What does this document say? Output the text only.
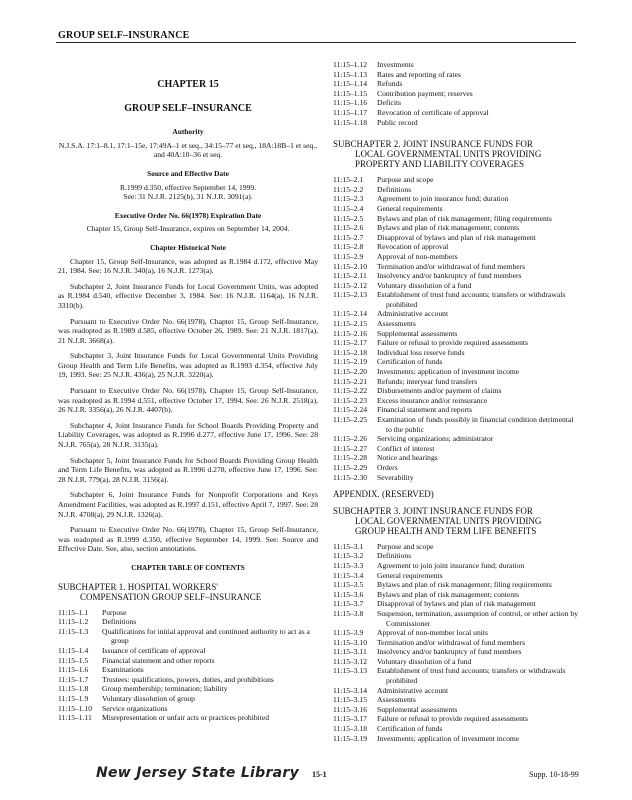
GROUP SELF–INSURANCE
CHAPTER 15
GROUP SELF–INSURANCE
Authority
N.J.S.A. 17:1–8.1, 17:1–15e, 17:49A–1 et seq., 34:15–77 et seq., 18A:18B–1 et seq., and 40A:10–36 et seq.
Source and Effective Date
R.1999 d.350, effective September 14, 1999.
See: 31 N.J.R. 2125(b), 31 N.J.R. 3091(a).
Executive Order No. 66(1978) Expiration Date
Chapter 15, Group Self-Insurance, expires on September 14, 2004.
Chapter Historical Note
Chapter 15, Group Self-Insurance, was adopted as R.1984 d.172, effective May 21, 1984. See: 16 N.J.R. 340(a), 16 N.J.R. 1273(a).
Subchapter 2, Joint Insurance Funds for Local Government Units, was adopted as R.1984 d.540, effective December 3, 1984. See: 16 N.J.R. 1164(a), 16 N.J.R. 3310(b).
Pursuant to Executive Order No. 66(1978), Chapter 15, Group Self-Insurance, was readopted as R.1989 d.585, effective October 26, 1989. See: 21 N.J.R. 1817(a), 21 N.J.R. 3668(a).
Subchapter 3, Joint Insurance Funds for Local Governmental Units Providing Group Health and Term Life Benefits, was adopted as R.1993 d.354, effective July 19, 1993. See: 25 N.J.R. 436(a), 25 N.J.R. 3220(a).
Pursuant to Executive Order No. 66(1978), Chapter 15, Group Self-Insurance, was readopted as R.1994 d.551, effective October 17, 1994. See: 26 N.J.R. 2518(a), 26 N.J.R. 3356(a), 26 N.J.R. 4407(b).
Subchapter 4, Joint Insurance Funds for School Boards Providing Property and Liability Coverages, was adopted as R.1996 d.277, effective June 17, 1996. See: 28 N.J.R. 765(a), 28 N.J.R. 3135(a).
Subchapter 5, Joint Insurance Funds for School Boards Providing Group Health and Term Life Benefits, was adopted as R.1996 d.278, effective June 17, 1996. See: 28 N.J.R. 779(a), 28 N.J.R. 3156(a).
Subchapter 6, Joint Insurance Funds for Nonprofit Corporations and Keys Amendment Facilities, was adopted as R.1997 d.151, effective April 7, 1997. See: 28 N.J.R. 4708(a), 29 N.J.R. 1326(a).
Pursuant to Executive Order No. 66(1978), Chapter 15, Group Self-Insurance, was readopted as R.1999 d.350, effective September 14, 1999. See: Source and Effective Date. See, also, section annotations.
CHAPTER TABLE OF CONTENTS
SUBCHAPTER 1. HOSPITAL WORKERS'
COMPENSATION GROUP SELF–INSURANCE
11:15–1.1	Purpose
11:15–1.2	Definitions
11:15–1.3	Qualifications for initial approval and continued authority to act as a group
11:15–1.4	Issuance of certificate of approval
11:15–1.5	Financial statement and other reports
11:15–1.6	Examinations
11:15–1.7	Trustees: qualifications, powers, duties, and prohibitions
11:15–1.8	Group membership; termination; liability
11:15–1.9	Voluntary dissolution of group
11:15–1.10	Service organizations
11:15–1.11	Misrepresentation or unfair acts or practices prohibited
11:15–1.12	Investments
11:15–1.13	Rates and reporting of rates
11:15–1.14	Refunds
11:15–1.15	Contribution payment; reserves
11:15–1.16	Deficits
11:15–1.17	Revocation of certificate of approval
11:15–1.18	Public record
SUBCHAPTER 2. JOINT INSURANCE FUNDS FOR
LOCAL GOVERNMENTAL UNITS PROVIDING
PROPERTY AND LIABILITY COVERAGES
11:15–2.1	Purpose and scope
11:15–2.2	Definitions
11:15–2.3	Agreement to join insurance fund; duration
11:15–2.4	General requirements
11:15–2.5	Bylaws and plan of risk management; filing requirements
11:15–2.6	Bylaws and plan of risk management; contents
11:15–2.7	Disapproval of bylaws and plan of risk management
11:15–2.8	Revocation of approval
11:15–2.9	Approval of non-members
11:15–2.10	Termination and/or withdrawal of fund members
11:15–2.11	Insolvency and/or bankruptcy of fund members
11:15–2.12	Voluntary dissolution of a fund
11:15–2.13	Establishment of trust fund accounts; transfers or withdrawals prohibited
11:15–2.14	Administrative account
11:15–2.15	Assessments
11:15–2.16	Supplemental assessments
11:15–2.17	Failure or refusal to provide required assessments
11:15–2.18	Individual loss reserve funds
11:15–2.19	Certification of funds
11:15–2.20	Investments; application of investment income
11:15–2.21	Refunds; interyear fund transfers
11:15–2.22	Disbursements and/or payment of claims
11:15–2.23	Excess insurance and/or reinsurance
11:15–2.24	Financial statement and reports
11:15–2.25	Examination of funds possibly in financial condition detrimental to the public
11:15–2.26	Servicing organizations; administrator
11:15–2.27	Conflict of interest
11:15–2.28	Notice and hearings
11:15–2.29	Orders
11:15–2.30	Severability
APPENDIX. (RESERVED)
SUBCHAPTER 3. JOINT INSURANCE FUNDS FOR
LOCAL GOVERNMENTAL UNITS PROVIDING
GROUP HEALTH AND TERM LIFE BENEFITS
11:15–3.1	Purpose and scope
11:15–3.2	Definitions
11:15–3.3	Agreement to join joint insurance fund; duration
11:15–3.4	General requirements
11:15–3.5	Bylaws and plan of risk management; filing requirements
11:15–3.6	Bylaws and plan of risk management; contents
11:15–3.7	Disapproval of bylaws and plan of risk management
11:15–3.8	Suspension, termination, assumption of control, or other action by Commissioner
11:15–3.9	Approval of non-member local units
11:15–3.10	Termination and/or withdrawal of fund members
11:15–3.11	Insolvency and/or bankruptcy of fund members
11:15–3.12	Voluntary dissolution of a fund
11:15–3.13	Establishment of trust fund accounts; transfers or withdrawals prohibited
11:15–3.14	Administrative account
11:15–3.15	Assessments
11:15–3.16	Supplemental assessments
11:15–3.17	Failure or refusal to provide required assessments
11:15–3.18	Certification of funds
11:15–3.19	Investments; application of investment income
New Jersey State Library 15-1	Supp. 10-18-99
